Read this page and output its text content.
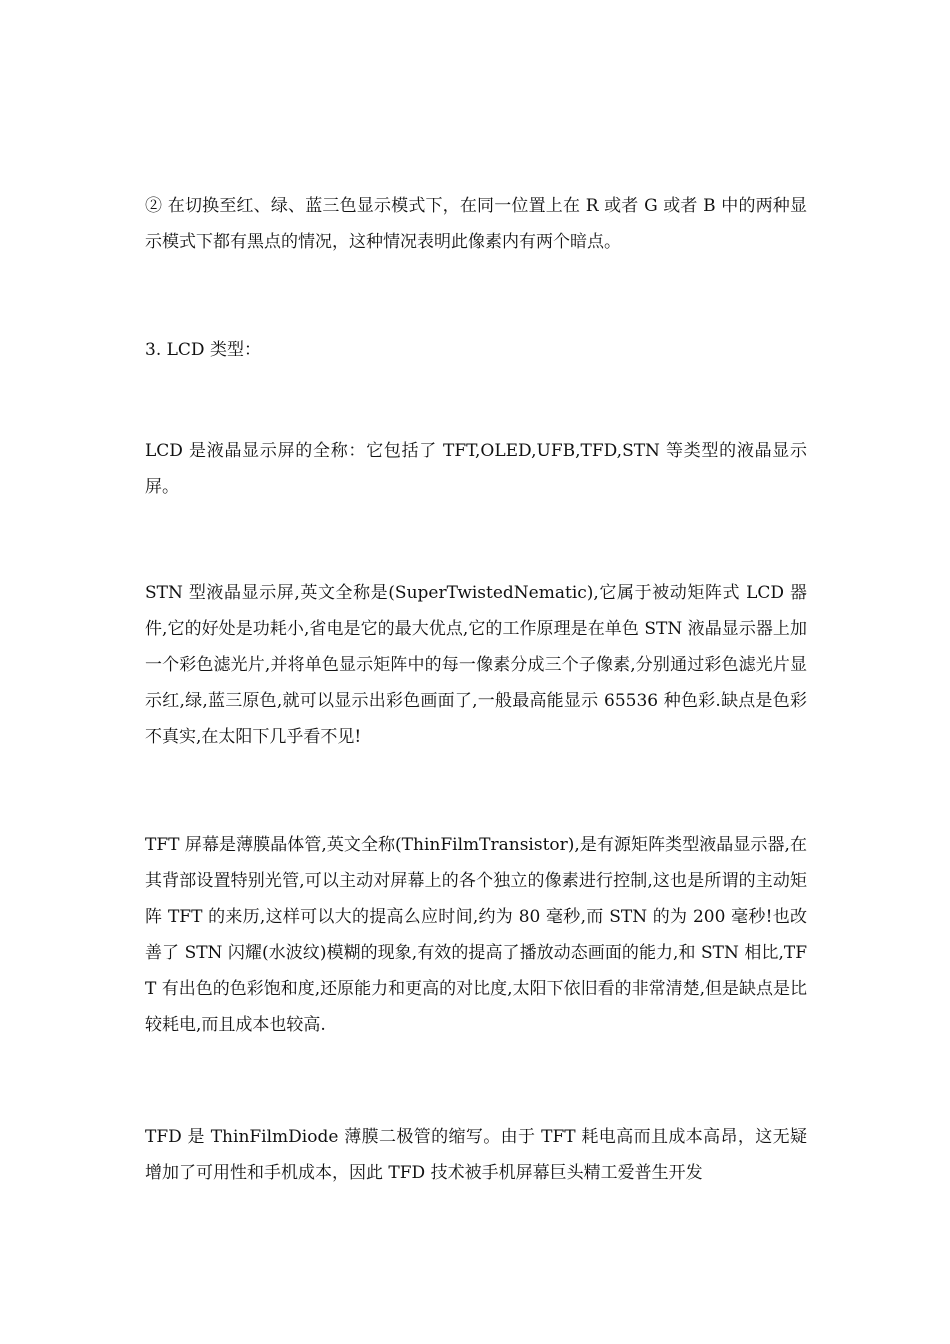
② 在切换至红、绿、蓝三色显示模式下，在同一位置上在 R 或者 G 或者 B 中的两种显示模式下都有黑点的情况，这种情况表明此像素内有两个暗点。

3. LCD 类型：

LCD 是液晶显示屏的全称：它包括了 TFT,OLED,UFB,TFD,STN 等类型的液晶显示屏。

STN 型液晶显示屏,英文全称是(SuperTwistedNematic),它属于被动矩阵式 LCD 器件,它的好处是功耗小,省电是它的最大优点,它的工作原理是在单色 STN 液晶显示器上加一个彩色滤光片,并将单色显示矩阵中的每一像素分成三个子像素,分别通过彩色滤光片显示红,绿,蓝三原色,就可以显示出彩色画面了,一般最高能显示 65536 种色彩.缺点是色彩不真实,在太阳下几乎看不见!

TFT 屏幕是薄膜晶体管,英文全称(ThinFilmTransistor),是有源矩阵类型液晶显示器,在其背部设置特别光管,可以主动对屏幕上的各个独立的像素进行控制,这也是所谓的主动矩阵 TFT 的来历,这样可以大的提高么应时间,约为 80 毫秒,而 STN 的为 200 毫秒!也改善了 STN 闪耀(水波纹)模糊的现象,有效的提高了播放动态画面的能力,和 STN 相比,TFT 有出色的色彩饱和度,还原能力和更高的对比度,太阳下依旧看的非常清楚,但是缺点是比较耗电,而且成本也较高.

TFD 是 ThinFilmDiode 薄膜二极管的缩写。由于 TFT 耗电高而且成本高昂，这无疑增加了可用性和手机成本，因此 TFD 技术被手机屏幕巨头精工爱普生开发
